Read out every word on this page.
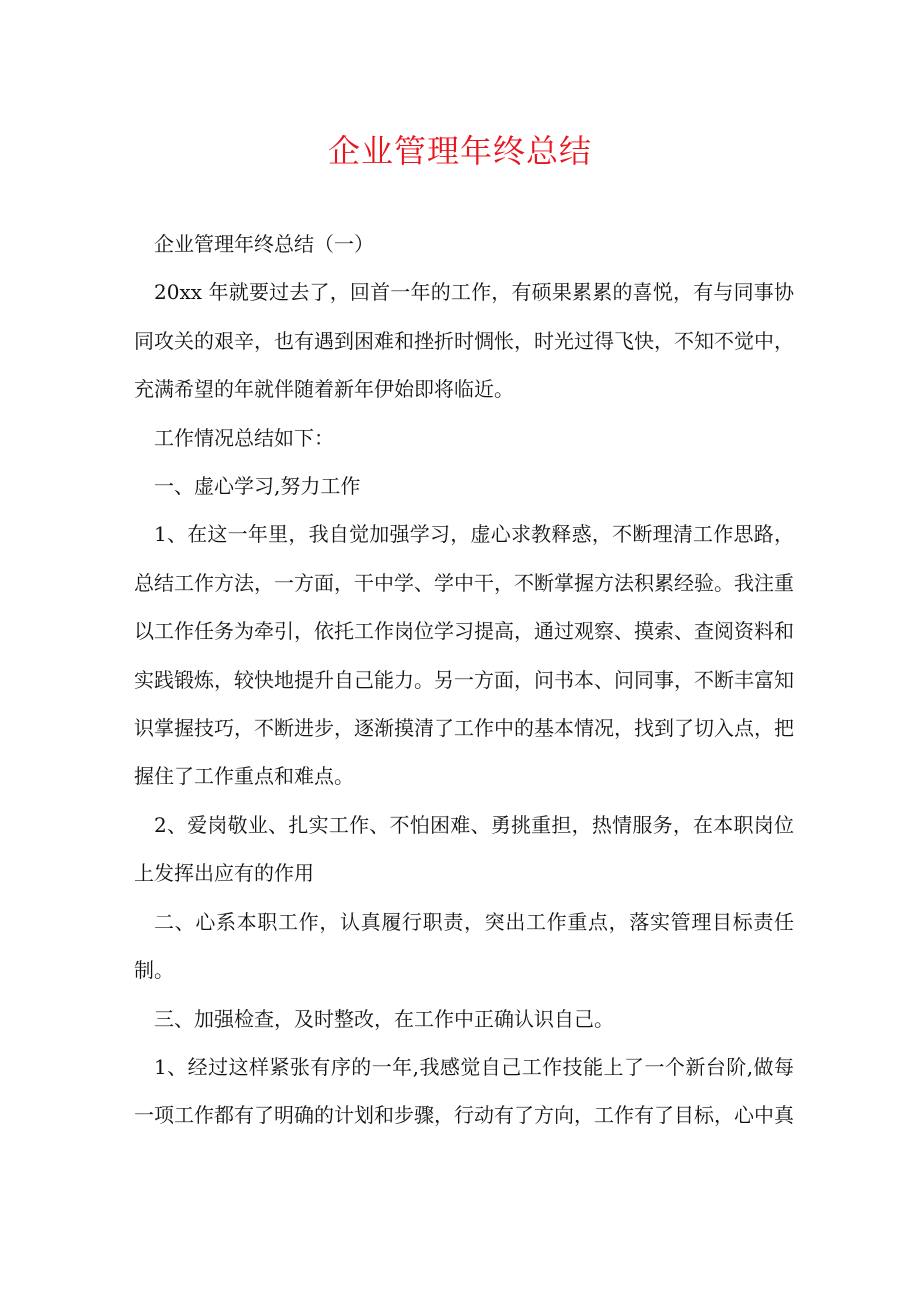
企业管理年终总结

企业管理年终总结（一）

20xx 年就要过去了，回首一年的工作，有硕果累累的喜悦，有与同事协同攻关的艰辛，也有遇到困难和挫折时惆怅，时光过得飞快，不知不觉中，充满希望的年就伴随着新年伊始即将临近。

工作情况总结如下：

一、虚心学习,努力工作

1、在这一年里，我自觉加强学习，虚心求教释惑，不断理清工作思路，总结工作方法，一方面，干中学、学中干，不断掌握方法积累经验。我注重以工作任务为牵引，依托工作岗位学习提高，通过观察、摸索、查阅资料和实践锻炼，较快地提升自己能力。另一方面，问书本、问同事，不断丰富知识掌握技巧，不断进步，逐渐摸清了工作中的基本情况，找到了切入点，把握住了工作重点和难点。

2、爱岗敬业、扎实工作、不怕困难、勇挑重担，热情服务，在本职岗位上发挥出应有的作用

二、心系本职工作，认真履行职责，突出工作重点，落实管理目标责任制。

三、加强检查，及时整改，在工作中正确认识自己。

1、经过这样紧张有序的一年,我感觉自己工作技能上了一个新台阶,做每一项工作都有了明确的计划和步骤，行动有了方向，工作有了目标，心中真
